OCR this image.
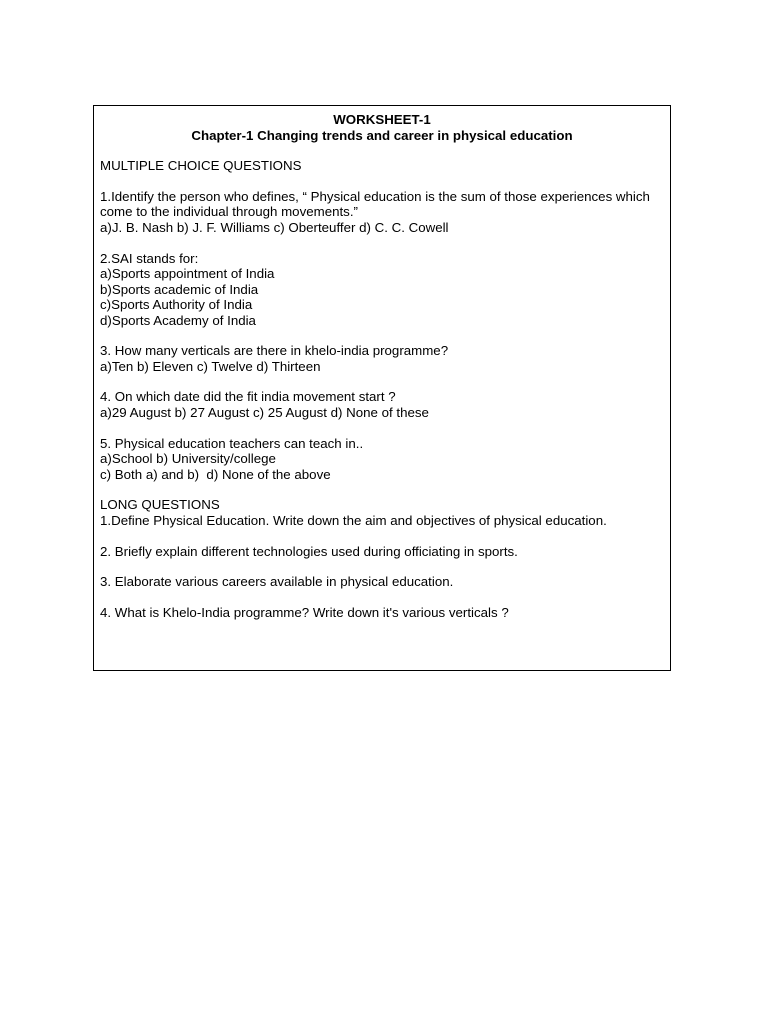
WORKSHEET-1
Chapter-1 Changing trends and career in physical education
MULTIPLE CHOICE QUESTIONS
1.Identify the person who defines, “ Physical education is the sum of those experiences which come to the individual through movements.”
a)J. B. Nash b) J. F. Williams c) Oberteuffer d) C. C. Cowell
2.SAI stands for:
a)Sports appointment of India
b)Sports academic of India
c)Sports Authority of India
d)Sports Academy of India
3. How many verticals are there in khelo-india programme?
a)Ten b) Eleven c) Twelve d) Thirteen
4. On which date did the fit india movement start ?
a)29 August b) 27 August c) 25 August d) None of these
5. Physical education teachers can teach in..
a)School b) University/college
c) Both a) and b)  d) None of the above
LONG QUESTIONS
1.Define Physical Education. Write down the aim and objectives of physical education.
2. Briefly explain different technologies used during officiating in sports.
3. Elaborate various careers available in physical education.
4. What is Khelo-India programme? Write down it's various verticals ?
